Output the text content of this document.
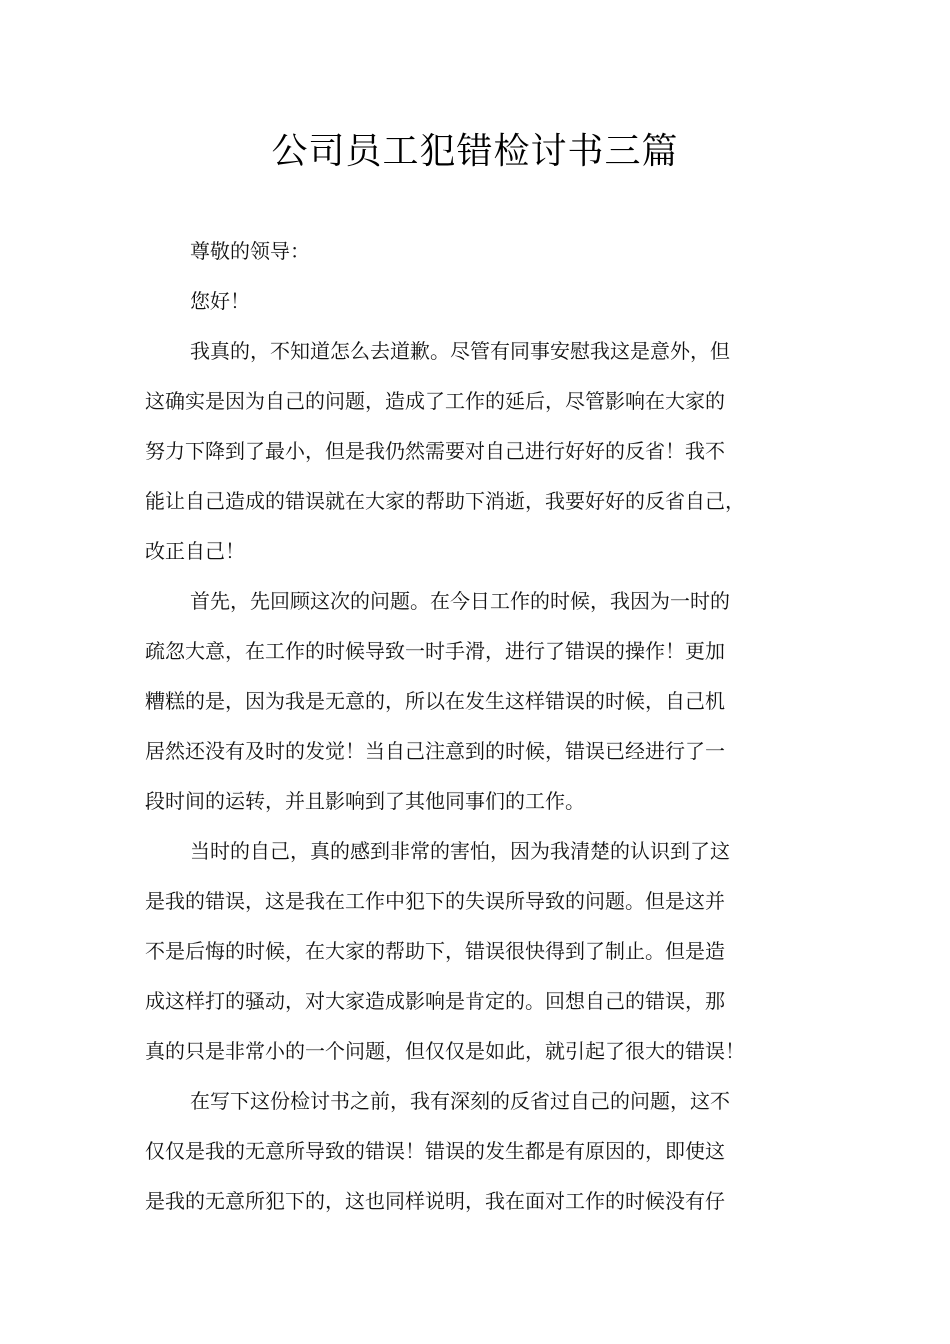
公司员工犯错检讨书三篇
尊敬的领导：
您好！
我真的，不知道怎么去道歉。尽管有同事安慰我这是意外，但
这确实是因为自己的问题，造成了工作的延后，尽管影响在大家的
努力下降到了最小，但是我仍然需要对自己进行好好的反省！我不
能让自己造成的错误就在大家的帮助下消逝，我要好好的反省自己，
改正自己！
首先，先回顾这次的问题。在今日工作的时候，我因为一时的
疏忽大意，在工作的时候导致一时手滑，进行了错误的操作！更加
糟糕的是，因为我是无意的，所以在发生这样错误的时候，自己机
居然还没有及时的发觉！当自己注意到的时候，错误已经进行了一
段时间的运转，并且影响到了其他同事们的工作。
当时的自己，真的感到非常的害怕，因为我清楚的认识到了这
是我的错误，这是我在工作中犯下的失误所导致的问题。但是这并
不是后悔的时候，在大家的帮助下，错误很快得到了制止。但是造
成这样打的骚动，对大家造成影响是肯定的。回想自己的错误，那
真的只是非常小的一个问题，但仅仅是如此，就引起了很大的错误！
在写下这份检讨书之前，我有深刻的反省过自己的问题，这不
仅仅是我的无意所导致的错误！错误的发生都是有原因的，即使这
是我的无意所犯下的，这也同样说明，我在面对工作的时候没有仔
